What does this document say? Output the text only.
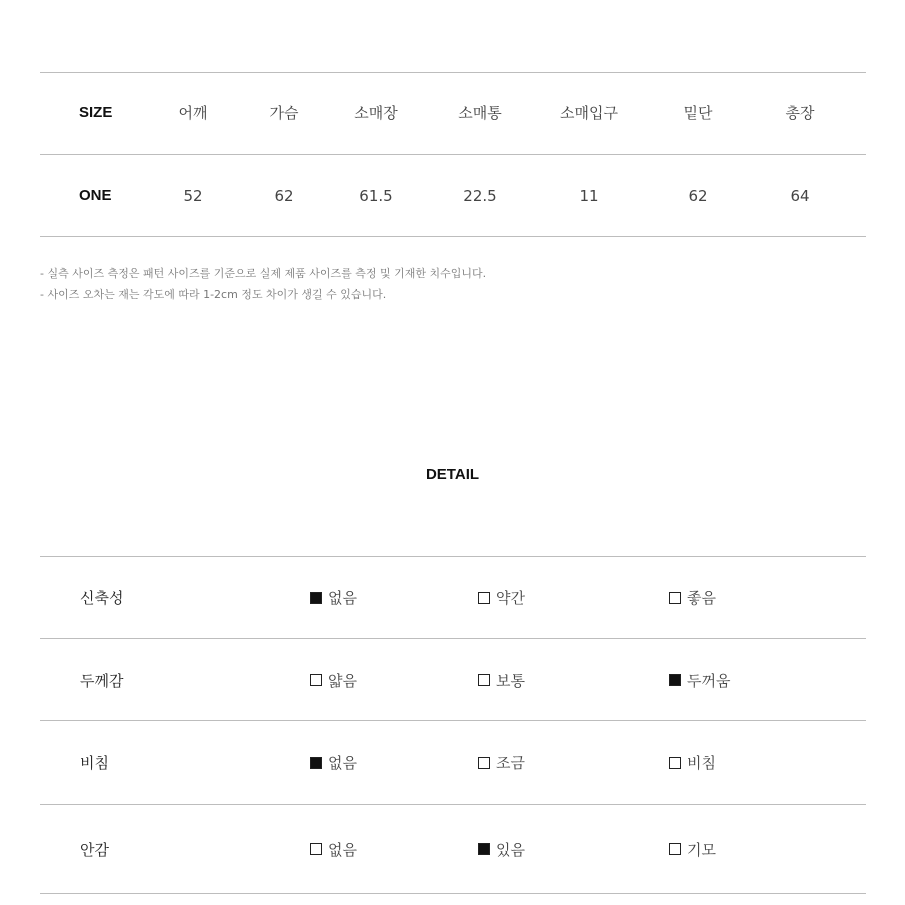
SIZE	어깨	가슴	소매장	소매통	소매입구	밑단	총장
ONE	52	62	61.5	22.5	11	62	64
- 실측 사이즈 측정은 패턴 사이즈를 기준으로 실제 제품 사이즈를 측정 및 기재한 치수입니다.
- 사이즈 오차는 재는 각도에 따라 1-2cm 정도 차이가 생길 수 있습니다.
DETAIL
신축성	없음	약간	좋음
두께감	얇음	보통	두꺼움
비침	없음	조금	비침
안감	없음	있음	기모
